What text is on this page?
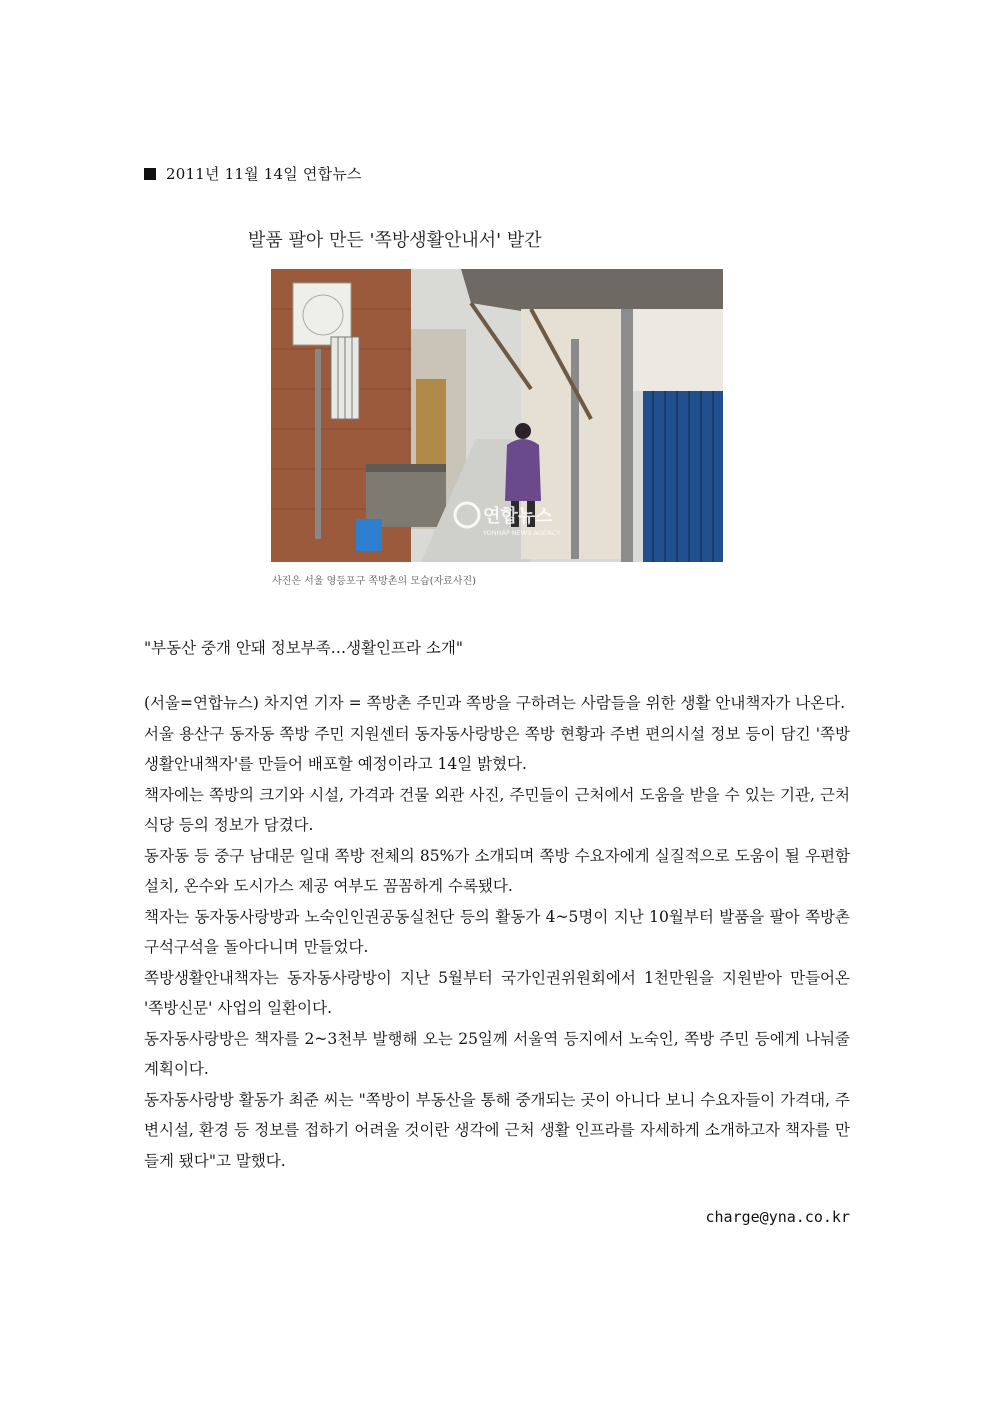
2011년 11월 14일 연합뉴스
발품 팔아 만든 '쪽방생활안내서' 발간
연합뉴스
YONHAP NEWS AGENCY
사진은 서울 영등포구 쪽방촌의 모습(자료사진)
"부동산 중개 안돼 정보부족…생활인프라 소개"

(서울=연합뉴스) 차지연 기자 = 쪽방촌 주민과 쪽방을 구하려는 사람들을 위한 생활 안내책자가 나온다.

서울 용산구 동자동 쪽방 주민 지원센터 동자동사랑방은 쪽방 현황과 주변 편의시설 정보 등이 담긴 '쪽방생활안내책자'를 만들어 배포할 예정이라고 14일 밝혔다.

책자에는 쪽방의 크기와 시설, 가격과 건물 외관 사진, 주민들이 근처에서 도움을 받을 수 있는 기관, 근처 식당 등의 정보가 담겼다.

동자동 등 중구 남대문 일대 쪽방 전체의 85%가 소개되며 쪽방 수요자에게 실질적으로 도움이 될 우편함 설치, 온수와 도시가스 제공 여부도 꼼꼼하게 수록됐다.

책자는 동자동사랑방과 노숙인인권공동실천단 등의 활동가 4~5명이 지난 10월부터 발품을 팔아 쪽방촌 구석구석을 돌아다니며 만들었다.

쪽방생활안내책자는 동자동사랑방이 지난 5월부터 국가인권위원회에서 1천만원을 지원받아 만들어온 '쪽방신문' 사업의 일환이다.

동자동사랑방은 책자를 2~3천부 발행해 오는 25일께 서울역 등지에서 노숙인, 쪽방 주민 등에게 나눠줄 계획이다.

동자동사랑방 활동가 최준 씨는 "쪽방이 부동산을 통해 중개되는 곳이 아니다 보니 수요자들이 가격대, 주변시설, 환경 등 정보를 접하기 어려울 것이란 생각에 근처 생활 인프라를 자세하게 소개하고자 책자를 만들게 됐다"고 말했다.

charge@yna.co.kr
